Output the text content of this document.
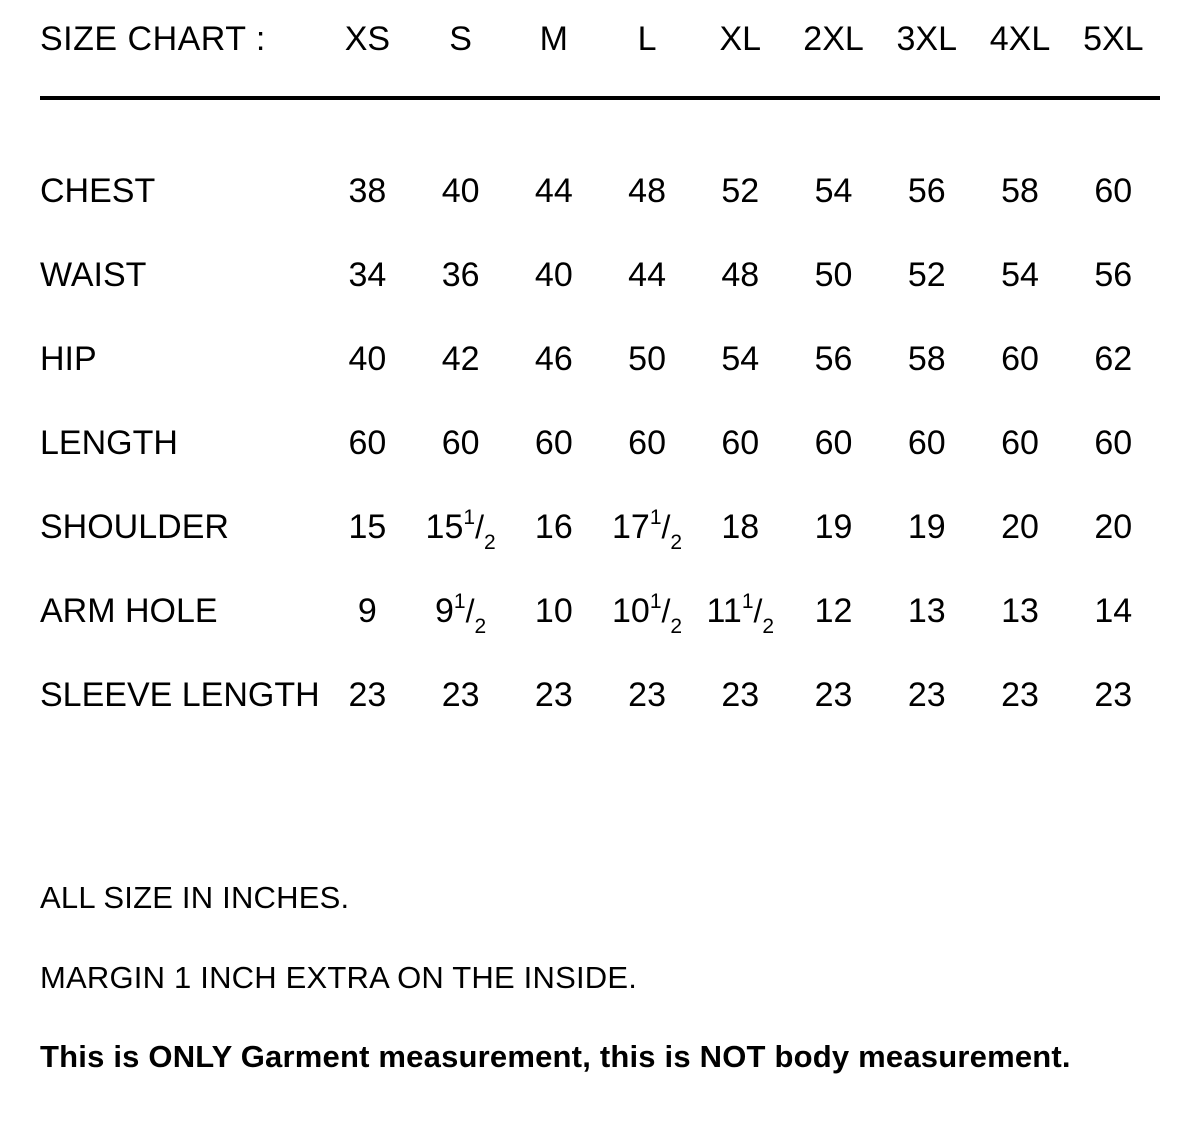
SIZE CHART :	XS	S	M	L	XL	2XL	3XL	4XL	5XL

CHEST	38	40	44	48	52	54	56	58	60
WAIST	34	36	40	44	48	50	52	54	56
HIP	40	42	46	50	54	56	58	60	62
LENGTH	60	60	60	60	60	60	60	60	60
SHOULDER	15	$15^1/_2$	16	$17^1/_2$	18	19	19	20	20
ARM HOLE	9	$9^1/_2$	10	$10^1/_2$	$11^1/_2$	12	13	13	14
SLEEVE LENGTH	23	23	23	23	23	23	23	23	23
ALL SIZE IN INCHES.
MARGIN 1 INCH EXTRA ON THE INSIDE.
This is ONLY Garment measurement, this is NOT body measurement.
